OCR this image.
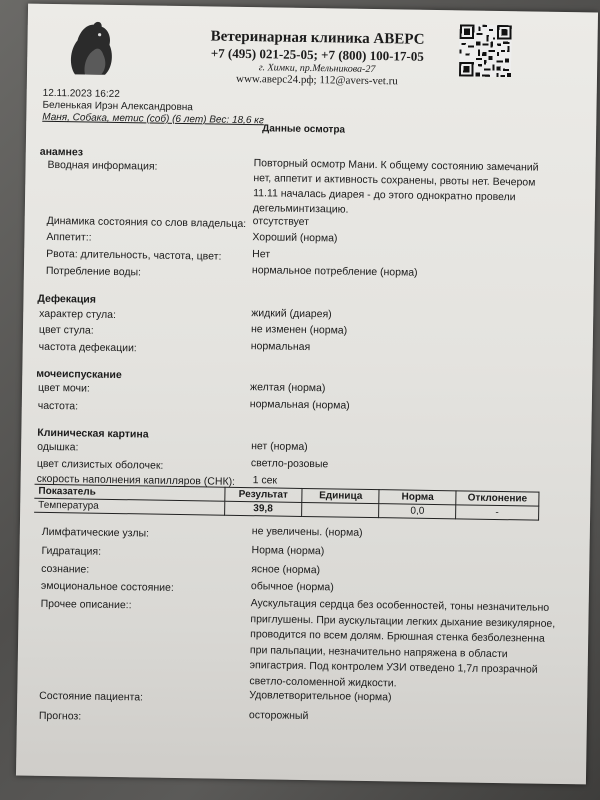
Ветеринарная клиника АВЕРС
+7 (495) 021-25-05; +7 (800) 100-17-05
г. Химки, пр.Мельникова-27
www.аверс24.рф; 112@avers-vet.ru
12.11.2023 16:22
Беленькая Ирэн Александровна
Маня, Собака, метис (соб) (6 лет) Вес: 18,6 кг
Данные осмотра
анамнез
Вводная информация:	Повторный осмотр Мани. К общему состоянию замечаний нет, аппетит и активность сохранены, рвоты нет. Вечером 11.11 началась диарея - до этого однократно провели дегельминтизацию.
Динамика состояния со слов владельца: отсутствует
Аппетит::	Хороший (норма)
Рвота: длительность, частота, цвет:	Нет
Потребление воды:	нормальное потребление (норма)
Дефекация
характер стула:	жидкий (диарея)
цвет стула:	не изменен (норма)
частота дефекации:	нормальная
мочеиспускание
цвет мочи:	желтая (норма)
частота:	нормальная (норма)
Клиническая картина
одышка:	нет (норма)
цвет слизистых оболочек:	светло-розовые
скорость наполнения капилляров (СНК): 1 сек
Показатель	Результат	Единица	Норма	Отклонение
Температура	39,8		0,0	-
Лимфатические узлы:	не увеличены. (норма)
Гидратация:	Норма (норма)
сознание:	ясное (норма)
эмоциональное состояние:	обычное (норма)
Прочее описание::	Аускультация сердца без особенностей, тоны незначительно приглушены. При аускультации легких дыхание везикулярное, проводится по всем долям. Брюшная стенка безболезненна при пальпации, незначительно напряжена в области эпигастрия. Под контролем УЗИ отведено 1,7л прозрачной светло-соломенной жидкости.
Состояние пациента:	Удовлетворительное (норма)
Прогноз:	осторожный
